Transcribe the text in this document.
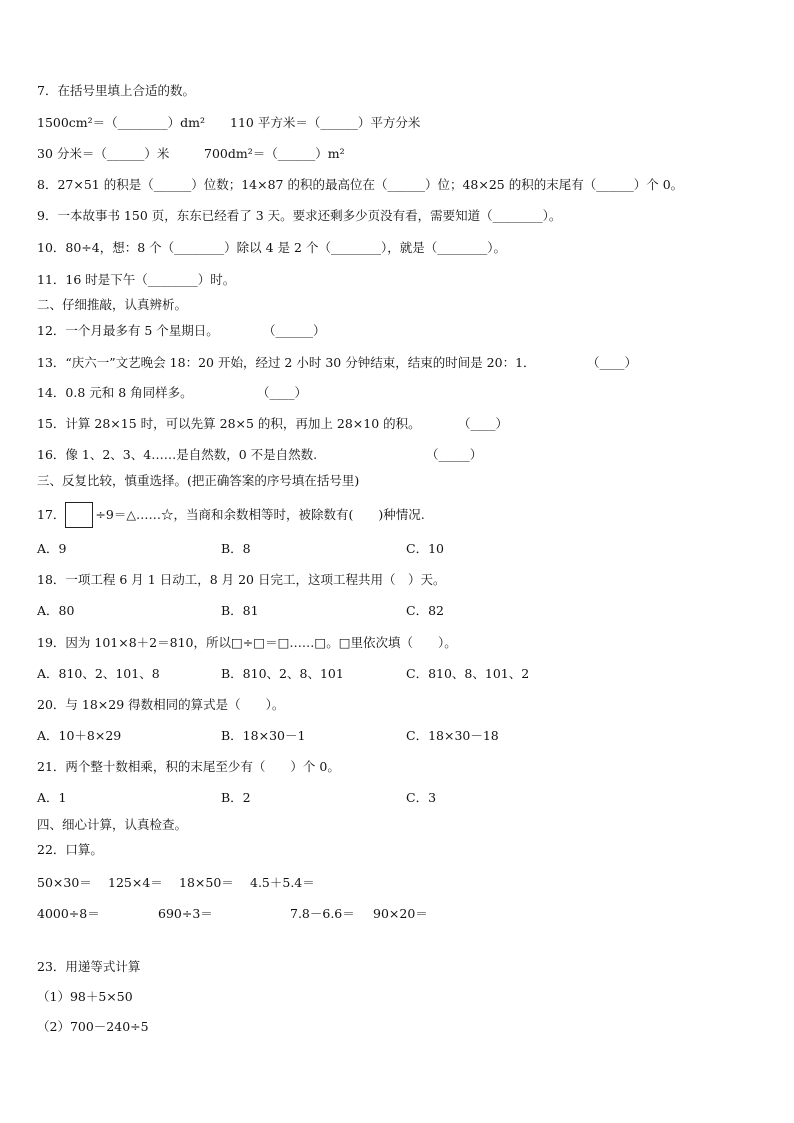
7．在括号里填上合适的数。
1500cm²＝（________）dm² 110 平方米＝（______）平方分米
30 分米＝（______）米	700dm²＝（______）m²
8．27×51 的积是（______）位数；14×87 的积的最高位在（______）位；48×25 的积的末尾有（______）个 0。
9．一本故事书 150 页，东东已经看了 3 天。要求还剩多少页没有看，需要知道（________）。
10．80÷4，想：8 个（________）除以 4 是 2 个（________），就是（________）。
11．16 时是下午（________）时。
二、仔细推敲，认真辨析。
12．一个月最多有 5 个星期日。	（______）
13．“庆六一”文艺晚会 18：20 开始，经过 2 小时 30 分钟结束，结束的时间是 20：1．	（____）
14．0.8 元和 8 角同样多。	（____）
15．计算 28×15 时，可以先算 28×5 的积，再加上 28×10 的积。	（____）
16．像 1、2、3、4……是自然数，0 不是自然数.	（_____）
三、反复比较，慎重选择。(把正确答案的序号填在括号里)
17． ÷9＝△……☆，当商和余数相等时，被除数有(　　)种情况.
A．9	B．8	C．10
18．一项工程 6 月 1 日动工，8 月 20 日完工，这项工程共用（　）天。
A．80	B．81	C．82
19．因为 101×8＋2＝810，所以□÷□＝□……□。□里依次填（　　）。
A．810、2、101、8	B．810、2、8、101	C．810、8、101、2
20．与 18×29 得数相同的算式是（　　）。
A．10＋8×29	B．18×30－1	C．18×30－18
21．两个整十数相乘，积的末尾至少有（　　）个 0。
A．1	B．2	C．3
四、细心计算，认真检查。
22．口算。
50×30＝ 125×4＝ 18×50＝ 4.5＋5.4＝
4000÷8＝	690÷3＝	7.8－6.6＝ 90×20＝
23．用递等式计算
（1）98＋5×50
（2）700－240÷5
